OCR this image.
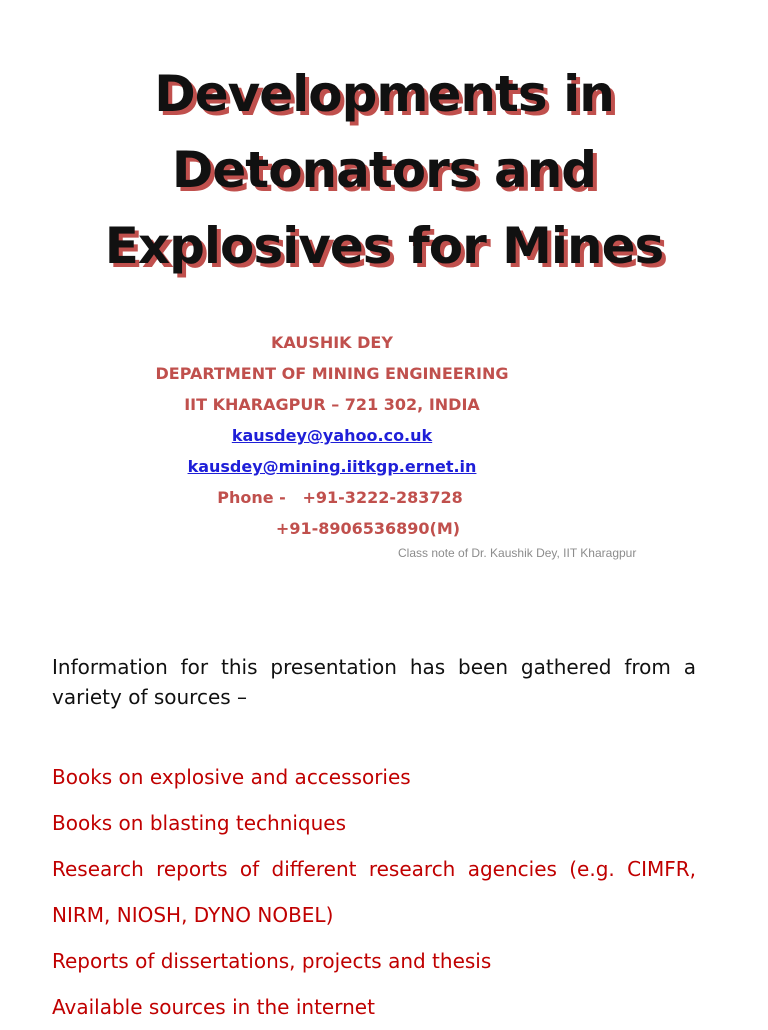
Developments in
Detonators and
Explosives for Mines
KAUSHIK DEY
DEPARTMENT OF MINING ENGINEERING
IIT KHARAGPUR – 721 302, INDIA
kausdey@yahoo.co.uk
kausdey@mining.iitkgp.ernet.in
Phone -   +91-3222-283728
+91-8906536890(M)
Class note of Dr. Kaushik Dey, IIT Kharagpur
Information for this presentation has been gathered from a variety of sources –
Books on explosive and accessories
Books on blasting techniques
Research reports of different research agencies (e.g. CIMFR, NIRM, NIOSH, DYNO NOBEL)
Reports of dissertations, projects and thesis
Available sources in the internet
